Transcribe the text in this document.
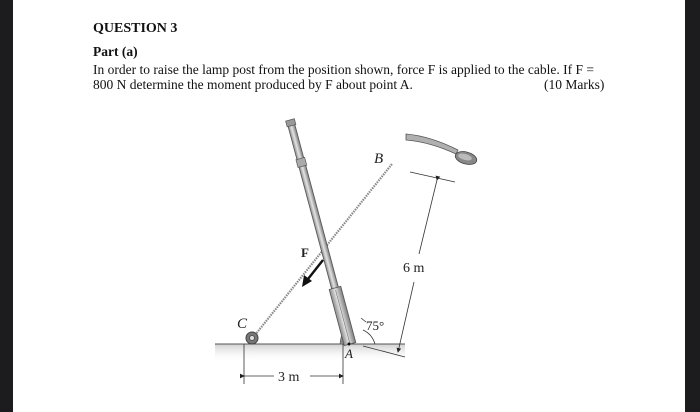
QUESTION 3
Part (a)
In order to raise the lamp post from the position shown, force F is applied to the cable. If F =
800 N determine the moment produced by F about point A.	(10 Marks)
F
B
C
A
6 m
75°
3 m
